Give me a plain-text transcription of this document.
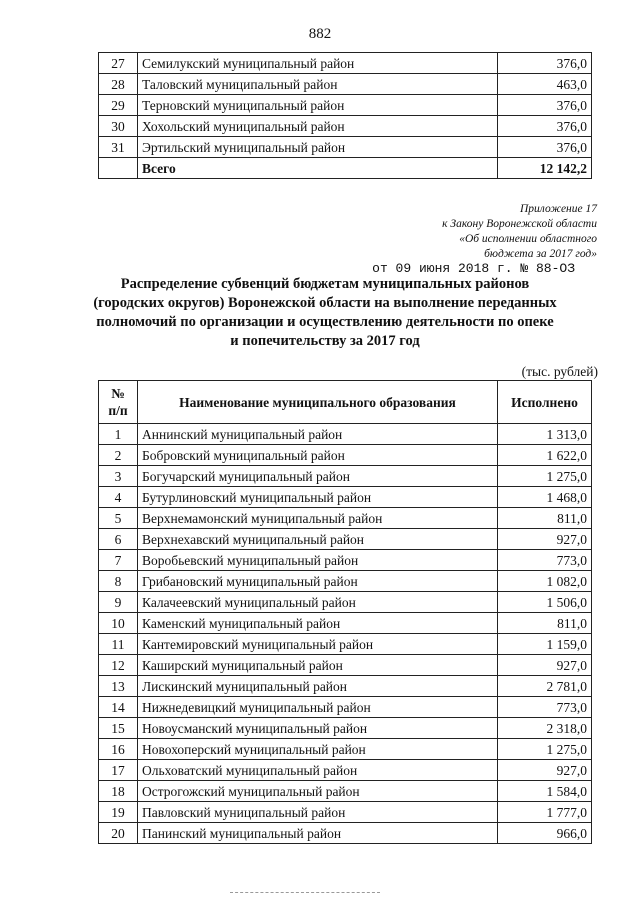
882
27	Семилукский муниципальный район	376,0
28	Таловский муниципальный район	463,0
29	Терновский муниципальный район	376,0
30	Хохольский муниципальный район	376,0
31	Эртильский муниципальный район	376,0
	Всего	12 142,2
Приложение 17
к Закону Воронежской области
«Об исполнении областного
бюджета за 2017 год»
от 09 июня 2018 г. № 88-ОЗ
Распределение субвенций бюджетам муниципальных районов
(городских округов) Воронежской области на выполнение переданных
полномочий по организации и осуществлению деятельности по опеке
и попечительству за 2017 год
(тыс. рублей)
№
п/п	Наименование муниципального образования	Исполнено
1	Аннинский муниципальный район	1 313,0
2	Бобровский муниципальный район	1 622,0
3	Богучарский муниципальный район	1 275,0
4	Бутурлиновский муниципальный район	1 468,0
5	Верхнемамонский муниципальный район	811,0
6	Верхнехавский муниципальный район	927,0
7	Воробьевский муниципальный район	773,0
8	Грибановский муниципальный район	1 082,0
9	Калачеевский муниципальный район	1 506,0
10	Каменский муниципальный район	811,0
11	Кантемировский муниципальный район	1 159,0
12	Каширский муниципальный район	927,0
13	Лискинский муниципальный район	2 781,0
14	Нижнедевицкий муниципальный район	773,0
15	Новоусманский муниципальный район	2 318,0
16	Новохоперский муниципальный район	1 275,0
17	Ольховатский муниципальный район	927,0
18	Острогожский муниципальный район	1 584,0
19	Павловский муниципальный район	1 777,0
20	Панинский муниципальный район	966,0
